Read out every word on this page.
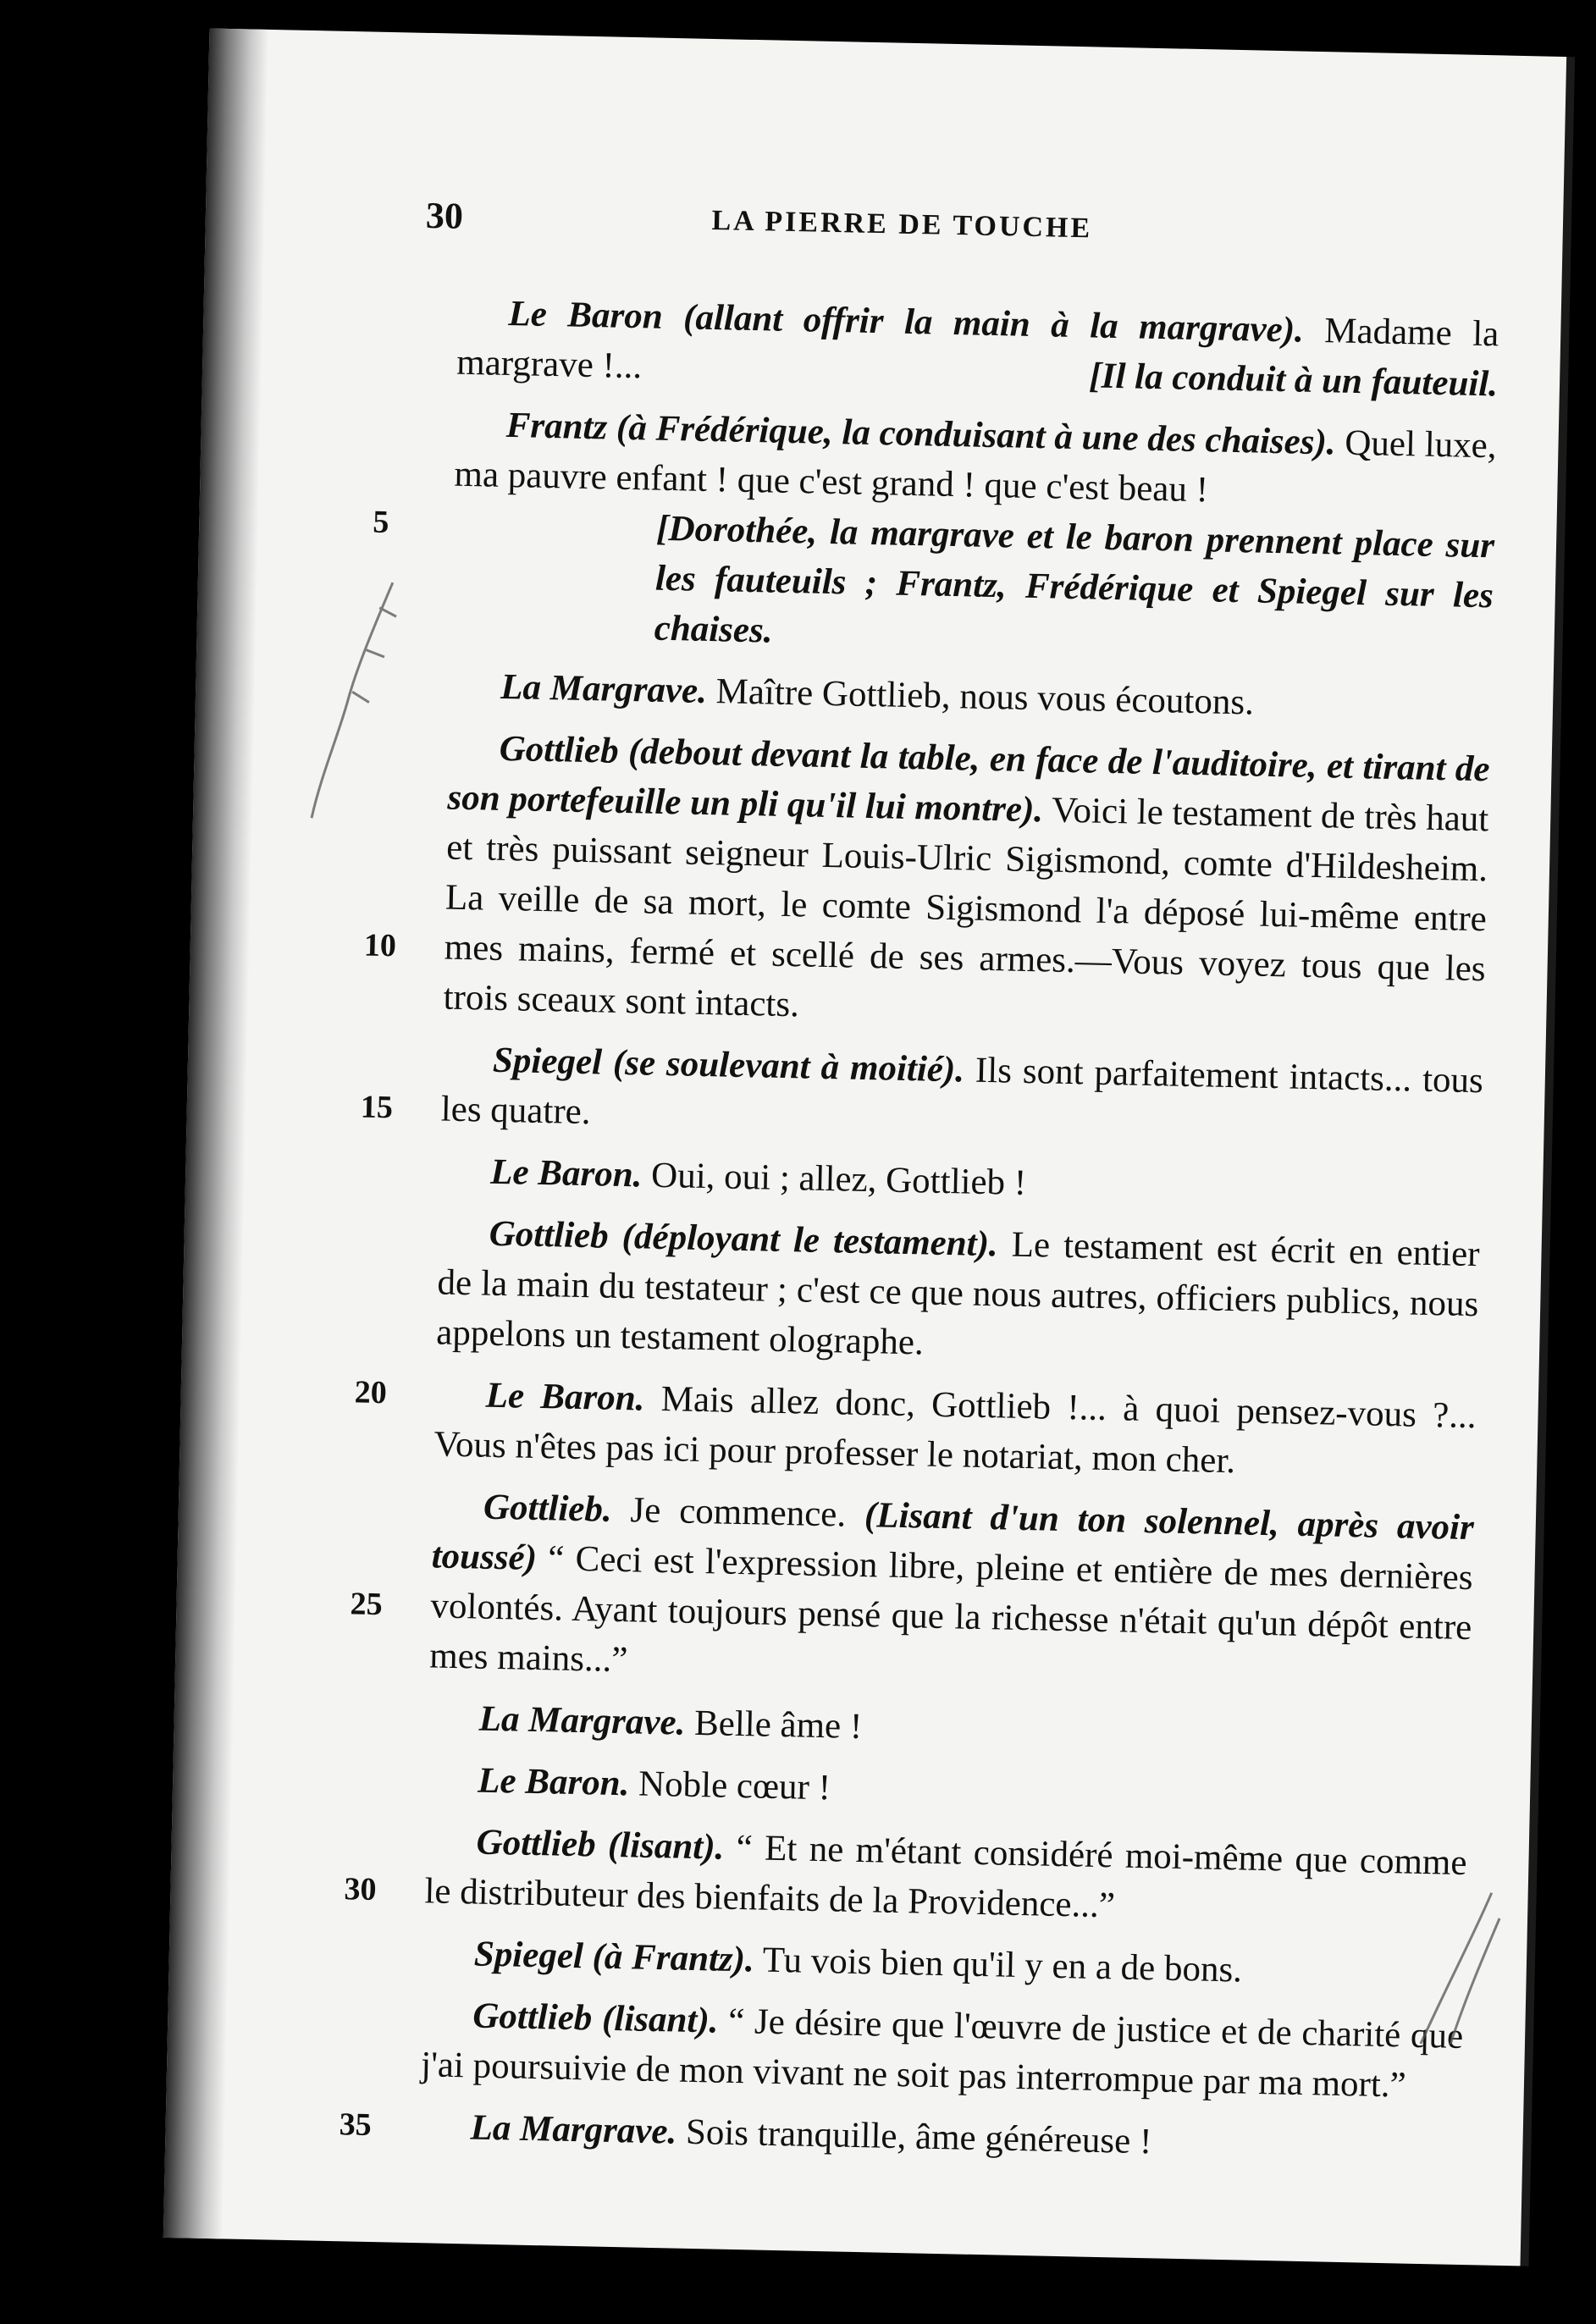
30	LA PIERRE DE TOUCHE

Le Baron (allant offrir la main à la margrave). Madame la margrave !...	[Il la conduit à un fauteuil.

5
Frantz (à Frédérique, la conduisant à une des chaises). Quel luxe, ma pauvre enfant ! que c'est grand ! que c'est beau !
[Dorothée, la margrave et le baron prennent place sur les fauteuils ; Frantz, Frédérique et Spiegel sur les chaises.

La Margrave. Maître Gottlieb, nous vous écoutons.

10
Gottlieb (debout devant la table, en face de l'auditoire, et tirant de son portefeuille un pli qu'il lui montre). Voici le testament de très haut et très puissant seigneur Louis-Ulric Sigismond, comte d'Hildesheim. La veille de sa mort, le comte Sigismond l'a déposé lui-même entre mes mains, fermé et scellé de ses armes.—Vous voyez tous que les trois sceaux sont intacts.

15
Spiegel (se soulevant à moitié). Ils sont parfaitement intacts... tous les quatre.

Le Baron. Oui, oui ; allez, Gottlieb !

Gottlieb (déployant le testament). Le testament est écrit en entier de la main du testateur ; c'est ce que nous autres, officiers publics, nous appelons un testament olographe.

20	Le Baron. Mais allez donc, Gottlieb !... à quoi pensez-vous ?... Vous n'êtes pas ici pour professer le notariat, mon cher.

25
Gottlieb. Je commence. (Lisant d'un ton solennel, après avoir toussé) “ Ceci est l'expression libre, pleine et entière de mes dernières volontés. Ayant toujours pensé que la richesse n'était qu'un dépôt entre mes mains...”

La Margrave. Belle âme !

Le Baron. Noble cœur !

30
Gottlieb (lisant). “ Et ne m'étant considéré moi-même que comme le distributeur des bienfaits de la Providence...”

Spiegel (à Frantz). Tu vois bien qu'il y en a de bons.

Gottlieb (lisant). “ Je désire que l'œuvre de justice et de charité que j'ai poursuivie de mon vivant ne soit pas interrompue par ma mort.”

35	La Margrave. Sois tranquille, âme généreuse !
